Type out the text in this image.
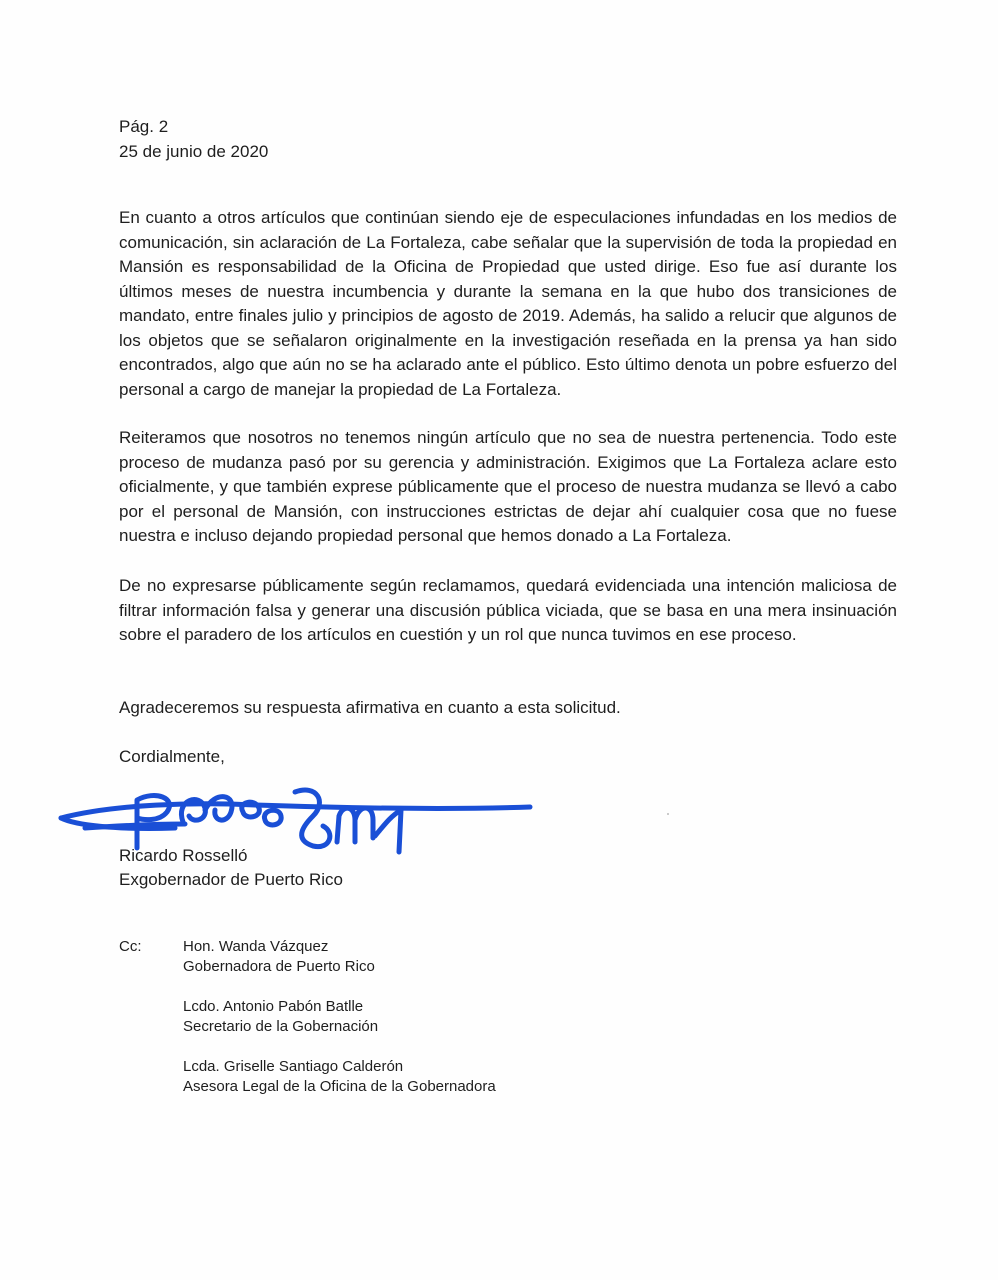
Pág. 2
25 de junio de 2020

En cuanto a otros artículos que continúan siendo eje de especulaciones infundadas en los medios de comunicación, sin aclaración de La Fortaleza, cabe señalar que la supervisión de toda la propiedad en Mansión es responsabilidad de la Oficina de Propiedad que usted dirige. Eso fue así durante los últimos meses de nuestra incumbencia y durante la semana en la que hubo dos transiciones de mandato, entre finales julio y principios de agosto de 2019. Además, ha salido a relucir que algunos de los objetos que se señalaron originalmente en la investigación reseñada en la prensa ya han sido encontrados, algo que aún no se ha aclarado ante el público. Esto último denota un pobre esfuerzo del personal a cargo de manejar la propiedad de La Fortaleza.

Reiteramos que nosotros no tenemos ningún artículo que no sea de nuestra pertenencia. Todo este proceso de mudanza pasó por su gerencia y administración. Exigimos que La Fortaleza aclare esto oficialmente, y que también exprese públicamente que el proceso de nuestra mudanza se llevó a cabo por el personal de Mansión, con instrucciones estrictas de dejar ahí cualquier cosa que no fuese nuestra e incluso dejando propiedad personal que hemos donado a La Fortaleza.

De no expresarse públicamente según reclamamos, quedará evidenciada una intención maliciosa de filtrar información falsa y generar una discusión pública viciada, que se basa en una mera insinuación sobre el paradero de los artículos en cuestión y un rol que nunca tuvimos en ese proceso.

Agradeceremos su respuesta afirmativa en cuanto a esta solicitud.

Cordialmente,
Ricardo Rosselló
Exgobernador de Puerto Rico
Cc:	Hon. Wanda Vázquez
Gobernadora de Puerto Rico
Lcdo. Antonio Pabón Batlle
Secretario de la Gobernación
Lcda. Griselle Santiago Calderón
Asesora Legal de la Oficina de la Gobernadora
